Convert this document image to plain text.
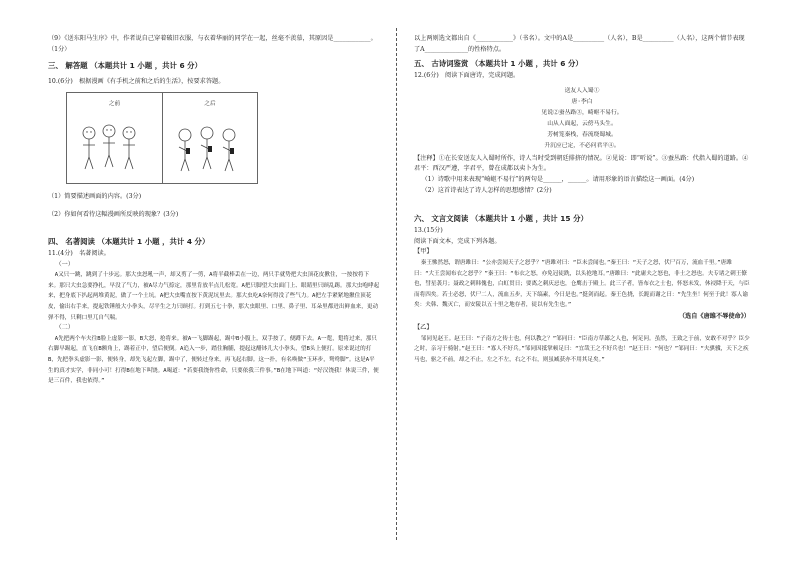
（9）《送东阳马生序》中，作者说自己穿着破旧衣服，与衣着华丽的同学在一起，丝毫不羡慕，其原因是____________。（1分）

三、 解答题 （本题共计 1 小题 ，共计 6 分）

10.(6分)　根据漫画《有手机之前和之后的生活》，按要求答题。

之前	之后

（1）简要描述画面的内容。(3分)

（2）你如何看待这幅漫画所反映的现象？(3分)

四、 名著阅读 （本题共计 1 小题 ，共计 4 分）

11.(4分)　名著阅读。

（一）

A又只一跳，跳到了十步远。那大虫怒吼一声，却又剪了一剪，A将半截棒丢在一边，两只手就势把大虫顶花皮揪住，一按按将下来。那只大虫急要挣扎，早没了气力，被A尽力气捺定，那里肯放半点儿松宽。A把只脚望大虫面门上、眼睛里只顾乱踢。那大虫咆哮起来，把身底下扒起两堆黄泥，做了一个土坑。A把大虫嘴直按下黄泥坑里去。那大虫吃A奈何得没了些气力。A把左手紧紧地揪住顶花皮，偷出右手来，提起铁锤般大小拳头，尽平生之力只顾打。打到五七十拳，那大虫眼里、口里、鼻子里、耳朵里都迸出鲜血来，更动弹不得，只剩口里兀自气喘。

（二）

A先把两个车夫往B脸上虚影一影，B大怒，抢将来。被A一飞脚踢起，踢中B小腹上，双手按了，便蹲下去。A一踅，踅将过来，那只右脚早踢起，直飞在B额角上，踢着正中，望后便倒。A追入一步，踏住胸脯，提起这醋钵儿大小拳头，望B头上便打。原来说过的打B，先把拳头虚影一影，便转身，却先飞起左脚，踢中了，便转过身来，再飞起右脚。这一扑，有名唤做“玉环步，鸳鸯脚”。这是A平生的真才实学，非同小可！打得B在地下叫饶。A喝道：“若要我饶你性命，只要依我三件事。”B在地下叫道：“好汉饶我！休说三件，便是三百件，我也依得。”

以上两则选文都出自《____________》（书名）。文中的A是__________（人名），B是__________（人名），这两个情节表现了A______________的性格特点。

五、 古诗词鉴赏 （本题共计 1 小题 ，共计 6 分）

12.(6分)　阅读下面唐诗，完成问题。

送友人入蜀①

唐·李白

见说②蚕丛路③，崎岖不易行。

山从人面起，云傍马头生。

芳树笼秦栈，春流绕蜀城。

升沉应已定，不必问君平④。

【注释】①在长安送友人入蜀时所作，诗人当时受到朝廷排挤的情况。②见说：即“听说”。③蚕丛路：代指入蜀的道路。④君平：西汉严遵，字君平，曾在成都以卖卜为生。

（1）诗歌中用来表现“崎岖不易行”的两句是______，______。请用形象的语言描绘这一画面。(4分)

（2）这首诗表达了诗人怎样的思想感情？(2分)

六、 文言文阅读 （本题共计 1 小题 ，共计 15 分）

13.(15分)

阅读下面文本，完成下列各题。

【甲】

秦王怫然怒，谓唐雎曰：“公亦尝闻天子之怒乎？”唐雎对曰：“臣未尝闻也。”秦王曰：“天子之怒，伏尸百万，流血千里。”唐雎曰：“大王尝闻布衣之怒乎？”秦王曰：“布衣之怒，亦免冠徒跣，以头抢地耳。”唐雎曰：“此庸夫之怒也，非士之怒也。夫专诸之刺王僚也，彗星袭月；聂政之刺韩傀也，白虹贯日；要离之刺庆忌也，仓鹰击于殿上。此三子者，皆布衣之士也，怀怒未发，休祲降于天，与臣而将四矣。若士必怒，伏尸二人，流血五步，天下缟素，今日是也。”挺剑而起。秦王色挠，长跪而谢之曰：“先生坐！何至于此！寡人谕矣：夫韩、魏灭亡，而安陵以五十里之地存者，徒以有先生也。”

（选自《唐雎不辱使命》）

【乙】

邹同见赵王。赵王曰：“子南方之传士也，何以教之？”邹同曰：“臣南方草鄙之人也，何足问。虽然，王致之于前，安敢不对乎？臣少之时，亲习于骑射。”赵王曰：“寡人不好兵。”邹同因抵掌顿足曰：“宜哉王之不好兵也！”赵王曰：“何也？”邹同曰：“夫骐骥，天下之疾马也，驱之不前，却之不止，左之不左，右之不右，则虽臧获亦不用其足矣。”
